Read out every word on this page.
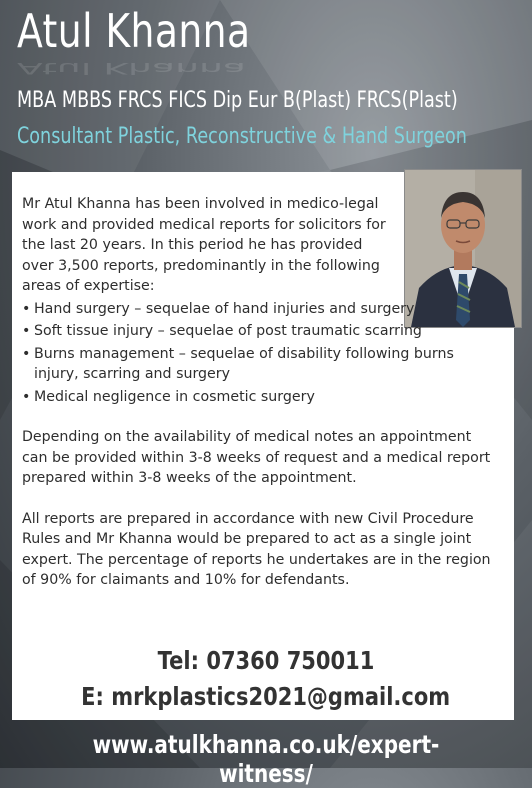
Atul Khanna
Atul Khanna
MBA MBBS FRCS FICS Dip Eur B(Plast) FRCS(Plast)
Consultant Plastic, Reconstructive & Hand Surgeon

Mr Atul Khanna has been involved in medico-legal work and provided medical reports for solicitors for the last 20 years. In this period he has provided over 3,500 reports, predominantly in the following areas of expertise:

• Hand surgery – sequelae of hand injuries and surgery
• Soft tissue injury – sequelae of post traumatic scarring
• Burns management – sequelae of disability following burns injury, scarring and surgery
• Medical negligence in cosmetic surgery

Depending on the availability of medical notes an appointment can be provided within 3-8 weeks of request and a medical report prepared within 3-8 weeks of the appointment.

All reports are prepared in accordance with new Civil Procedure Rules and Mr Khanna would be prepared to act as a single joint expert. The percentage of reports he undertakes are in the region of 90% for claimants and 10% for defendants.

Tel: 07360 750011
E: mrkplastics2021@gmail.com
www.atulkhanna.co.uk/expert-witness/
